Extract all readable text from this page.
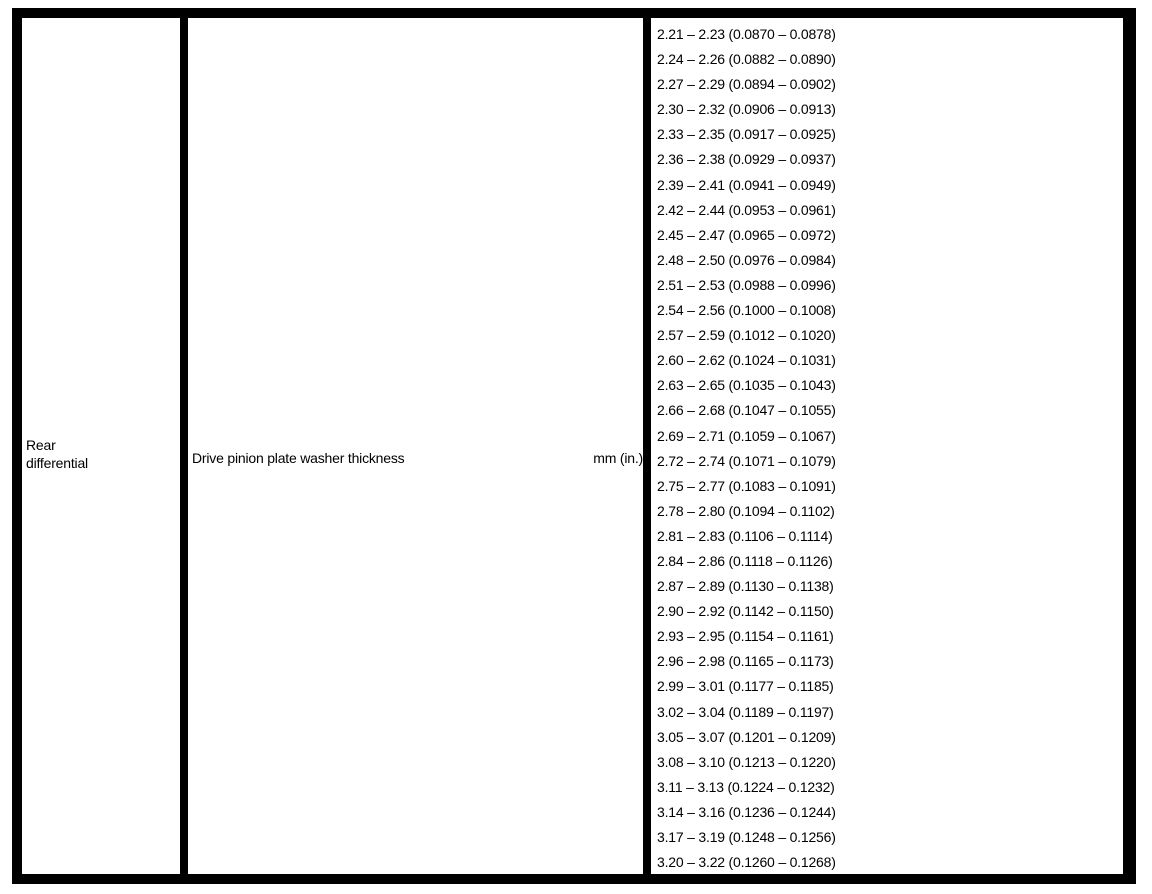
Rear
differential	Drive pinion plate washer thickness	mm (in.)
2.21 – 2.23 (0.0870 – 0.0878)
2.24 – 2.26 (0.0882 – 0.0890)
2.27 – 2.29 (0.0894 – 0.0902)
2.30 – 2.32 (0.0906 – 0.0913)
2.33 – 2.35 (0.0917 – 0.0925)
2.36 – 2.38 (0.0929 – 0.0937)
2.39 – 2.41 (0.0941 – 0.0949)
2.42 – 2.44 (0.0953 – 0.0961)
2.45 – 2.47 (0.0965 – 0.0972)
2.48 – 2.50 (0.0976 – 0.0984)
2.51 – 2.53 (0.0988 – 0.0996)
2.54 – 2.56 (0.1000 – 0.1008)
2.57 – 2.59 (0.1012 – 0.1020)
2.60 – 2.62 (0.1024 – 0.1031)
2.63 – 2.65 (0.1035 – 0.1043)
2.66 – 2.68 (0.1047 – 0.1055)
2.69 – 2.71 (0.1059 – 0.1067)
2.72 – 2.74 (0.1071 – 0.1079)
2.75 – 2.77 (0.1083 – 0.1091)
2.78 – 2.80 (0.1094 – 0.1102)
2.81 – 2.83 (0.1106 – 0.1114)
2.84 – 2.86 (0.1118 – 0.1126)
2.87 – 2.89 (0.1130 – 0.1138)
2.90 – 2.92 (0.1142 – 0.1150)
2.93 – 2.95 (0.1154 – 0.1161)
2.96 – 2.98 (0.1165 – 0.1173)
2.99 – 3.01 (0.1177 – 0.1185)
3.02 – 3.04 (0.1189 – 0.1197)
3.05 – 3.07 (0.1201 – 0.1209)
3.08 – 3.10 (0.1213 – 0.1220)
3.11 – 3.13 (0.1224 – 0.1232)
3.14 – 3.16 (0.1236 – 0.1244)
3.17 – 3.19 (0.1248 – 0.1256)
3.20 – 3.22 (0.1260 – 0.1268)
